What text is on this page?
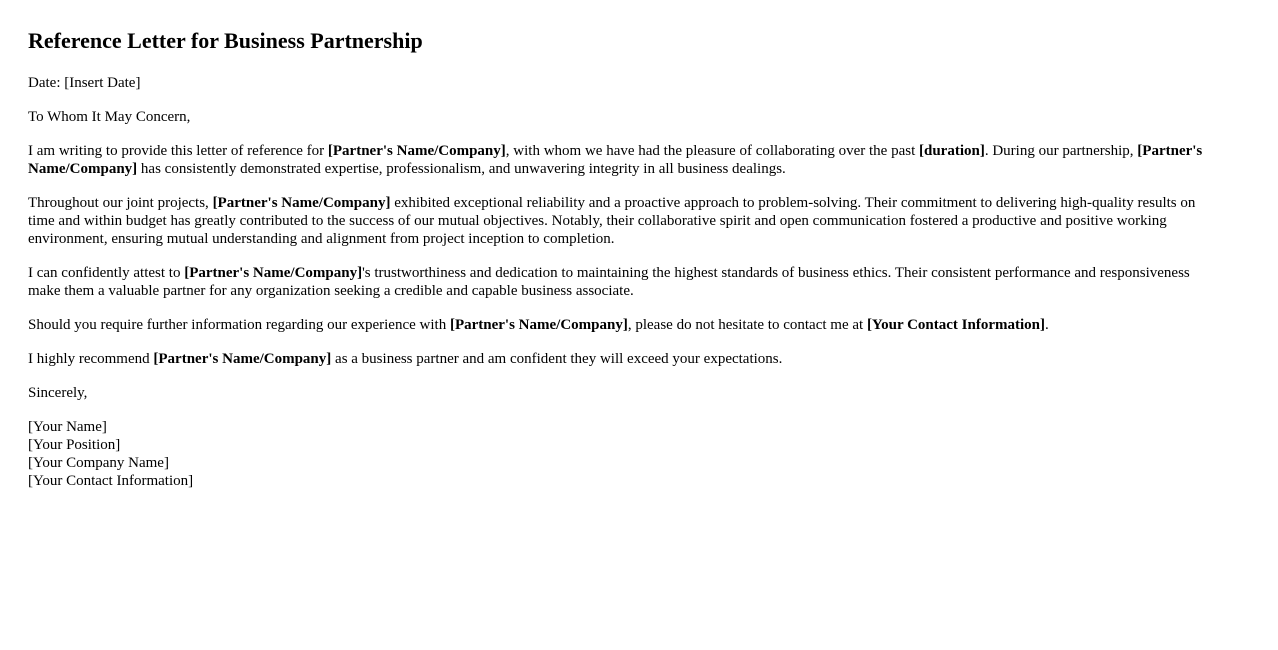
Reference Letter for Business Partnership

Date: [Insert Date]

To Whom It May Concern,

I am writing to provide this letter of reference for [Partner's Name/Company], with whom we have had the pleasure of collaborating over the past [duration]. During our partnership, [Partner's Name/Company] has consistently demonstrated expertise, professionalism, and unwavering integrity in all business dealings.

Throughout our joint projects, [Partner's Name/Company] exhibited exceptional reliability and a proactive approach to problem-solving. Their commitment to delivering high-quality results on time and within budget has greatly contributed to the success of our mutual objectives. Notably, their collaborative spirit and open communication fostered a productive and positive working environment, ensuring mutual understanding and alignment from project inception to completion.

I can confidently attest to [Partner's Name/Company]'s trustworthiness and dedication to maintaining the highest standards of business ethics. Their consistent performance and responsiveness make them a valuable partner for any organization seeking a credible and capable business associate.

Should you require further information regarding our experience with [Partner's Name/Company], please do not hesitate to contact me at [Your Contact Information].

I highly recommend [Partner's Name/Company] as a business partner and am confident they will exceed your expectations.

Sincerely,

[Your Name]
[Your Position]
[Your Company Name]
[Your Contact Information]
